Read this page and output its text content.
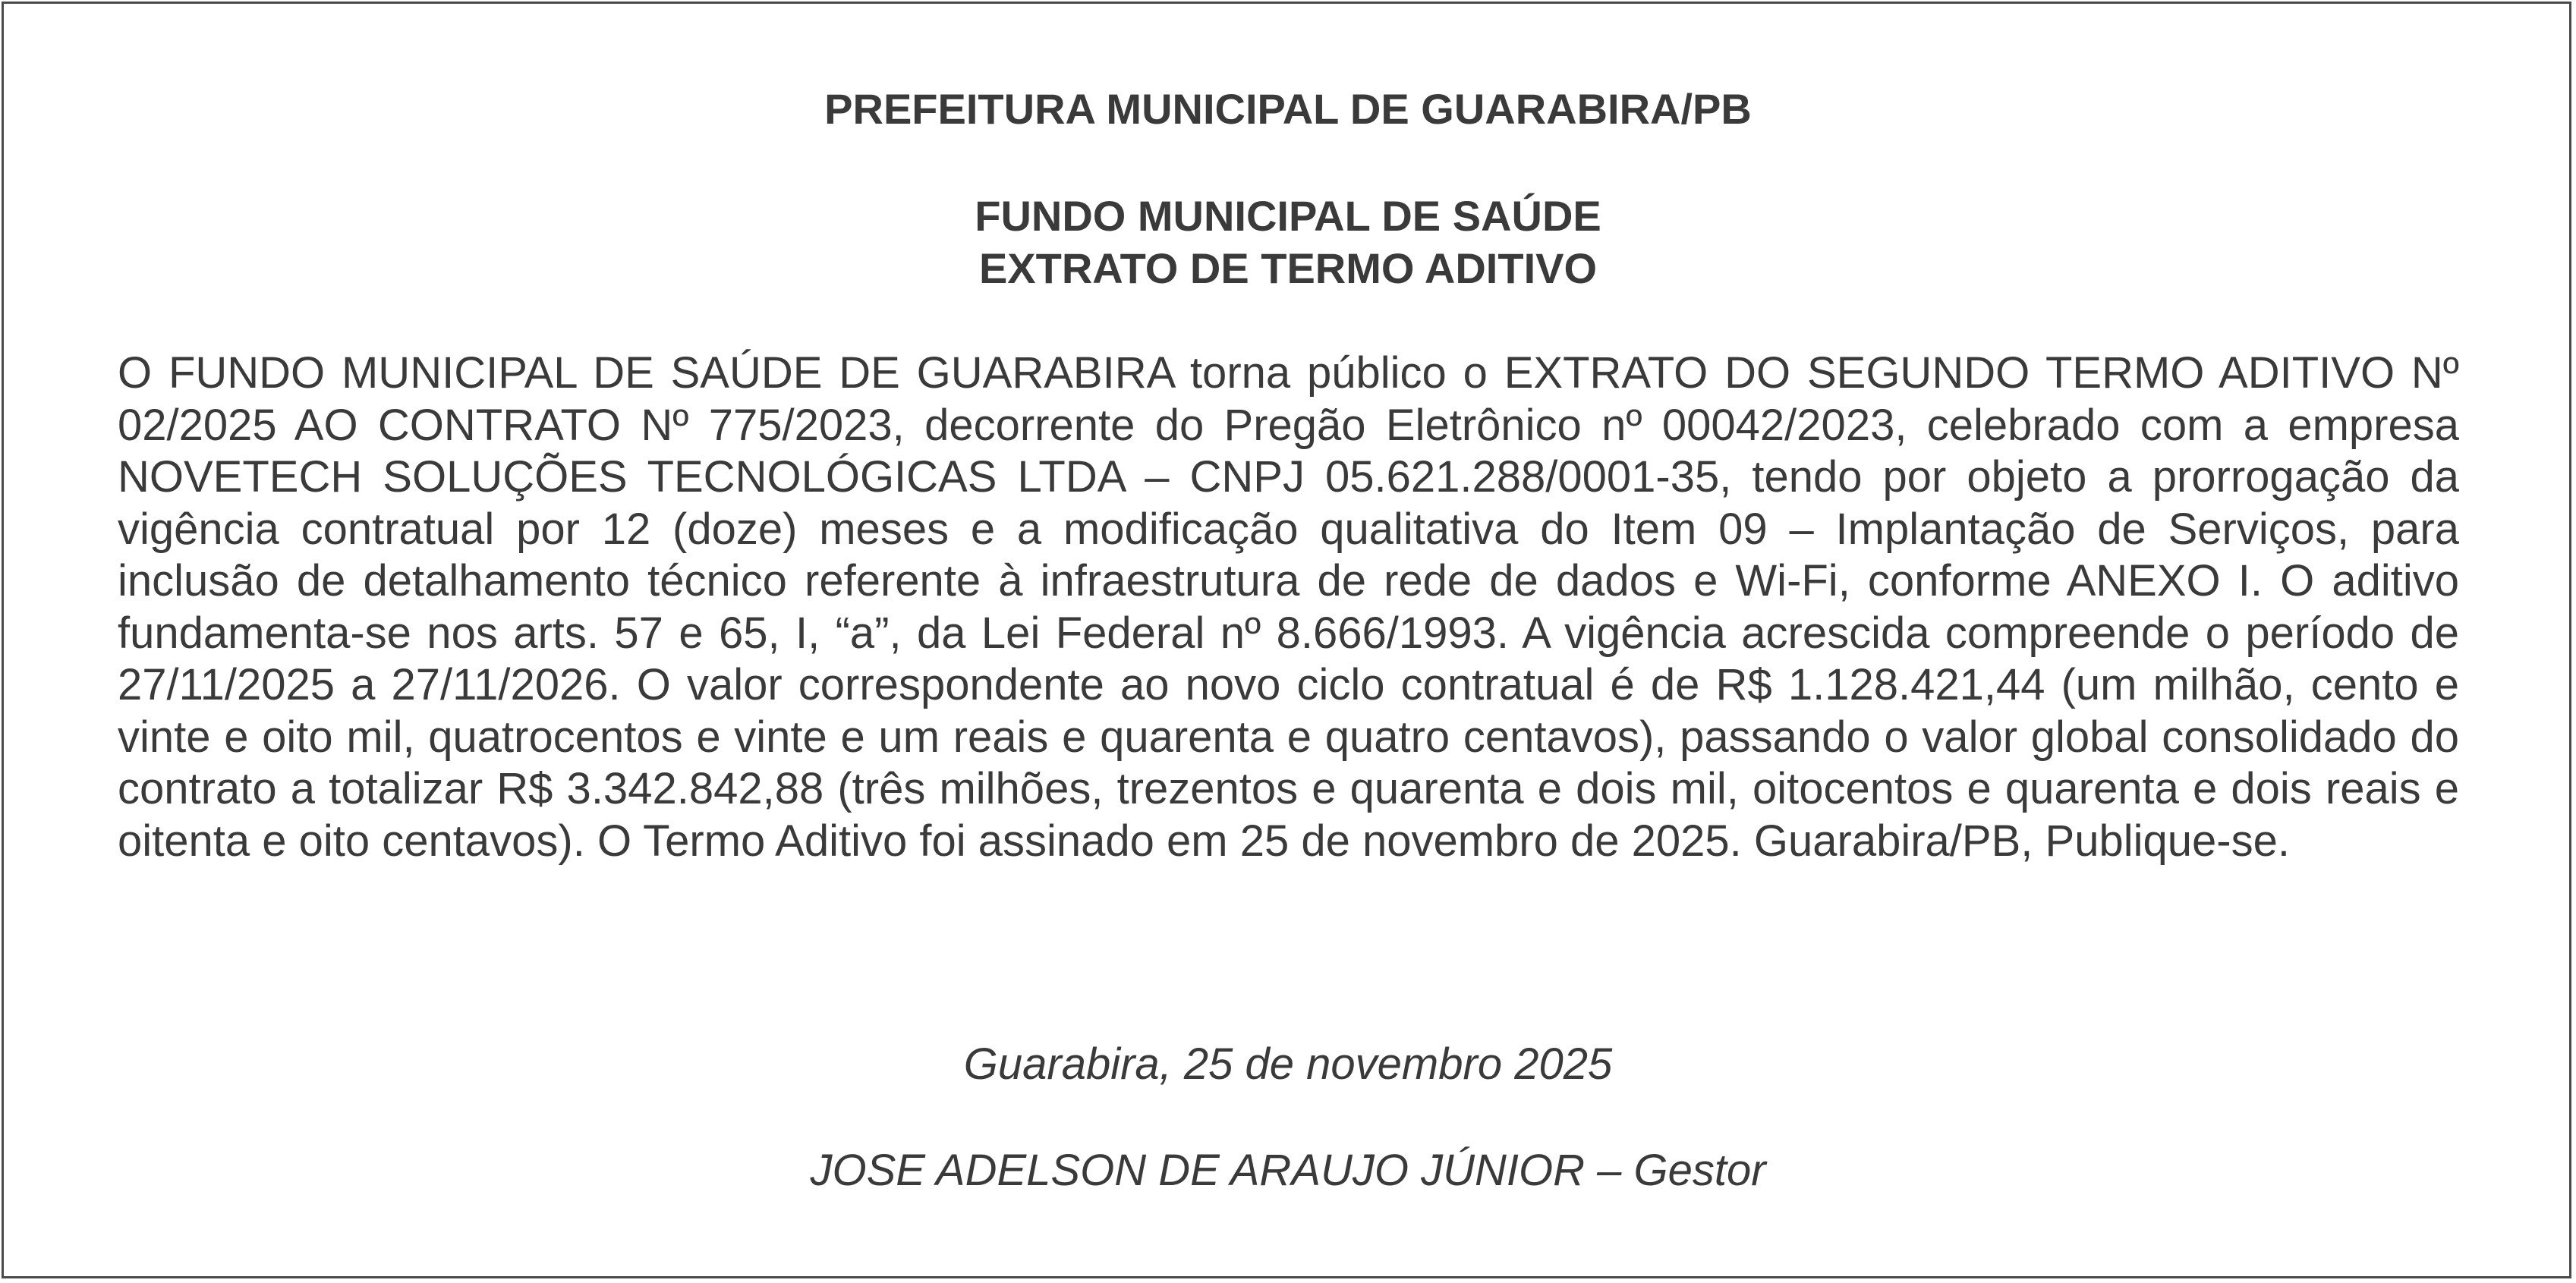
PREFEITURA MUNICIPAL DE GUARABIRA/PB
FUNDO MUNICIPAL DE SAÚDE
EXTRATO DE TERMO ADITIVO

O FUNDO MUNICIPAL DE SAÚDE DE GUARABIRA torna público o EXTRATO DO SEGUNDO TERMO ADITIVO Nº 02/2025 AO CONTRATO Nº 775/2023, decorrente do Pregão Eletrônico nº 00042/2023, celebrado com a empresa NOVETECH SOLUÇÕES TECNOLÓGICAS LTDA – CNPJ 05.621.288/0001-35, tendo por objeto a prorrogação da vigência contratual por 12 (doze) meses e a modificação qualitativa do Item 09 – Implantação de Serviços, para inclusão de detalhamento técnico referente à infraestrutura de rede de dados e Wi-Fi, conforme ANEXO I. O aditivo fundamenta-se nos arts. 57 e 65, I, “a”, da Lei Federal nº 8.666/1993. A vigência acrescida compreende o período de 27/11/2025 a 27/11/2026. O valor correspondente ao novo ciclo contratual é de R$ 1.128.421,44 (um milhão, cento e vinte e oito mil, quatrocentos e vinte e um reais e quarenta e quatro centavos), passando o valor global consolidado do contrato a totalizar R$ 3.342.842,88 (três milhões, trezentos e quarenta e dois mil, oitocentos e quarenta e dois reais e oitenta e oito centavos). O Termo Aditivo foi assinado em 25 de novembro de 2025. Guarabira/PB, Publique-se.

Guarabira, 25 de novembro 2025

JOSE ADELSON DE ARAUJO JÚNIOR – Gestor
